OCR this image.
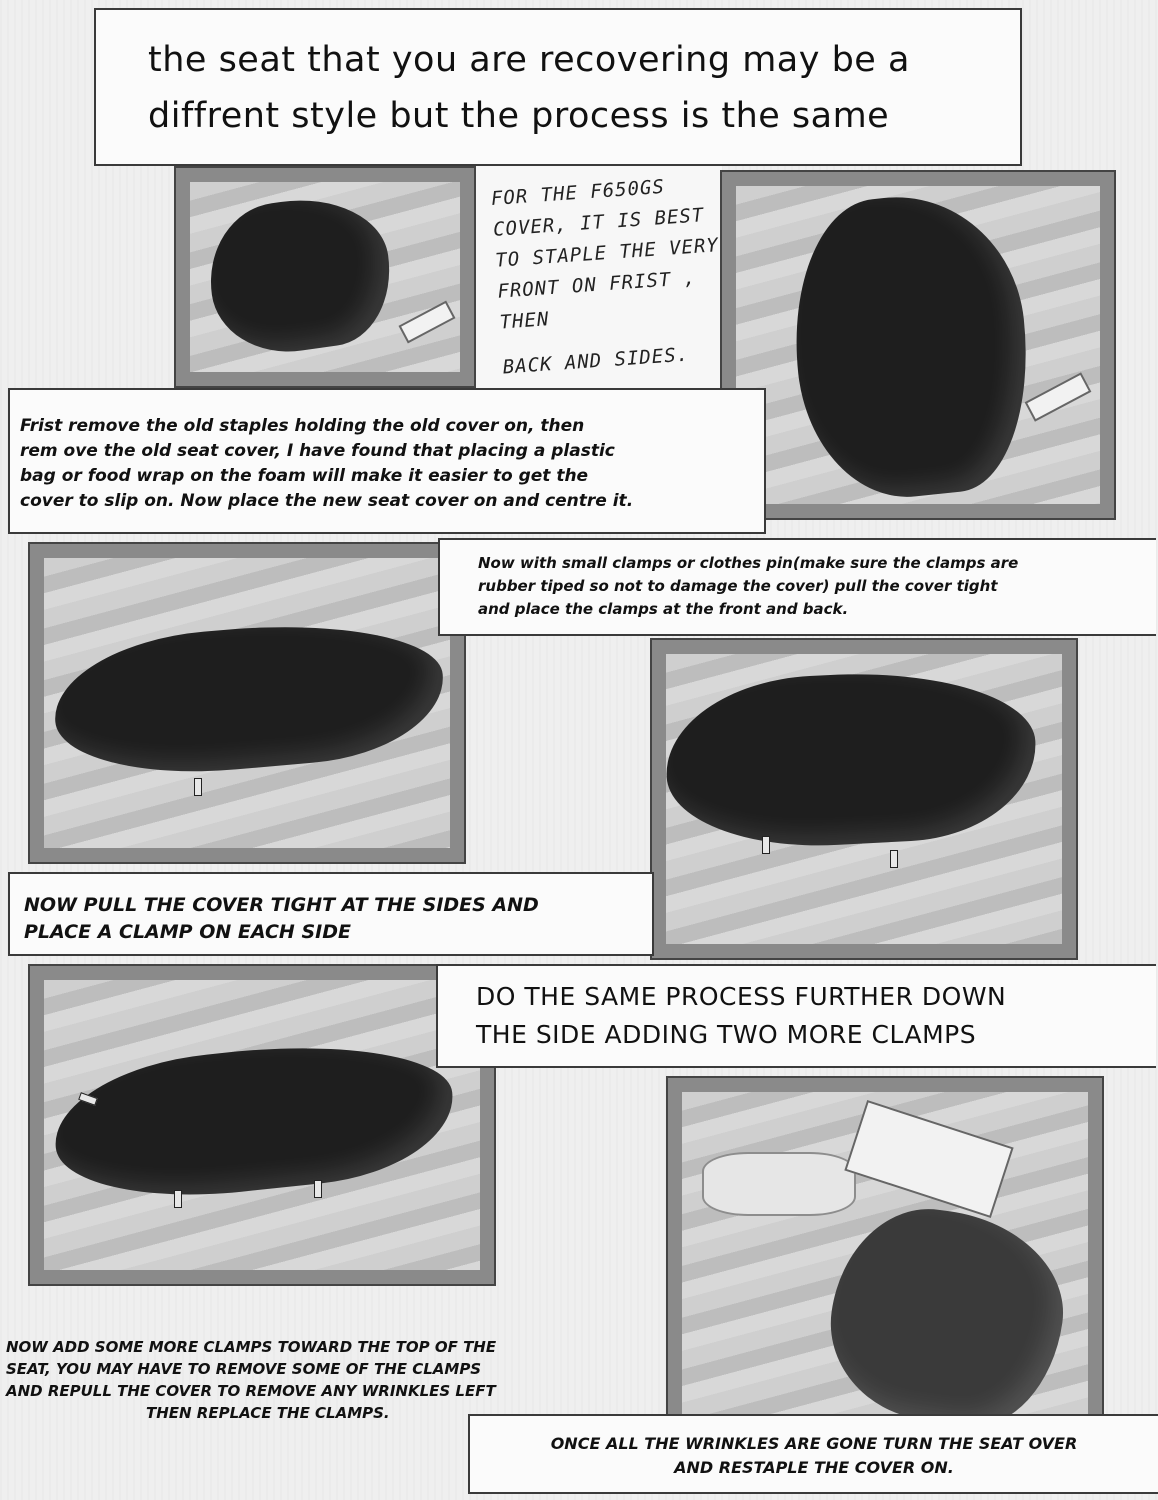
the seat that you are recovering may be a
diffrent style but the process is the same
FOR THE F650GS
COVER, IT IS BEST
TO STAPLE THE VERY
FRONT ON FRIST , THEN
BACK AND SIDES.
Frist remove the old staples holding the old cover on, then
rem ove the old seat cover, I have found that placing a plastic
bag or food wrap on the foam will make it easier to get the
cover to slip on. Now place the new seat cover on and centre it.
Now with small clamps or clothes pin(make sure the clamps are
rubber tiped so not to damage the cover) pull the cover tight
and place the clamps at the front and back.
NOW PULL THE COVER TIGHT AT THE SIDES AND
PLACE A CLAMP ON EACH SIDE
DO THE SAME PROCESS FURTHER DOWN
THE SIDE ADDING TWO MORE CLAMPS
NOW ADD SOME MORE CLAMPS TOWARD THE TOP OF THE
SEAT, YOU MAY HAVE TO REMOVE SOME OF THE CLAMPS
AND REPULL THE COVER TO REMOVE ANY WRINKLES LEFT
THEN REPLACE THE CLAMPS.
ONCE ALL THE WRINKLES ARE GONE TURN THE SEAT OVER
AND RESTAPLE THE COVER ON.
